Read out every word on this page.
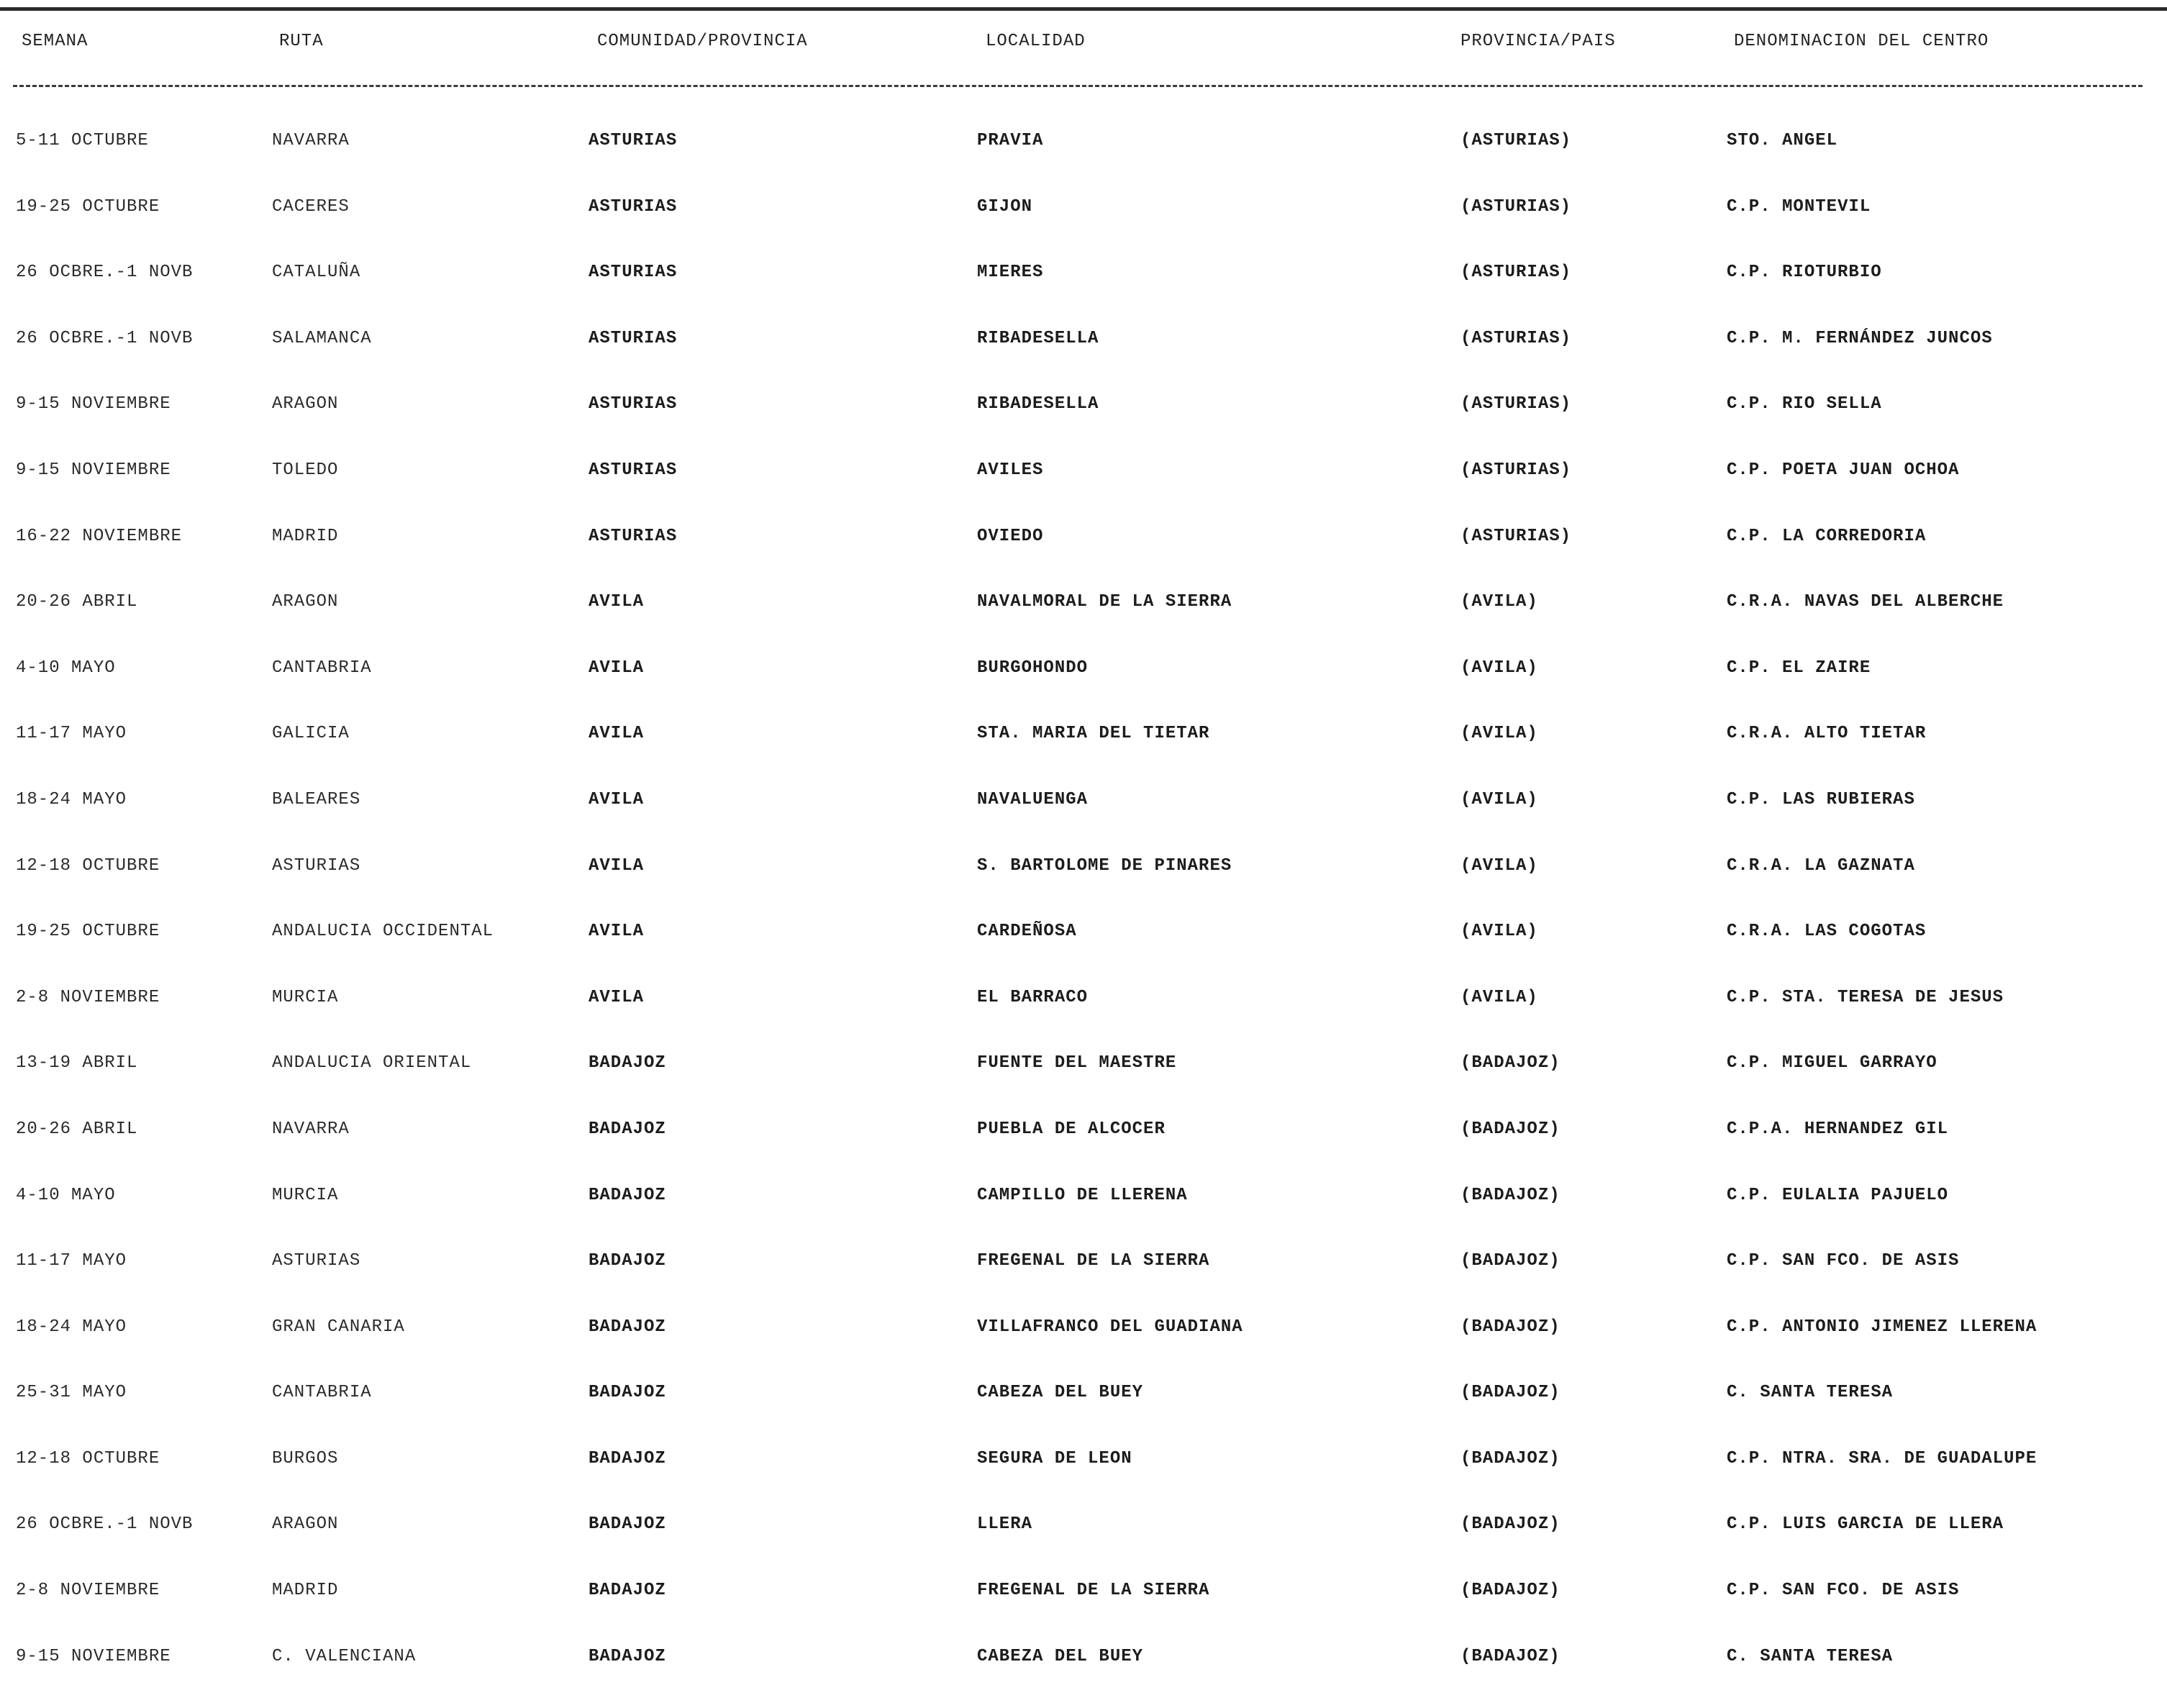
SEMANA	RUTA	COMUNIDAD/PROVINCIA	LOCALIDAD	PROVINCIA/PAIS	DENOMINACION DEL CENTRO
5-11 OCTUBRE	NAVARRA	ASTURIAS	PRAVIA	(ASTURIAS)	STO. ANGEL
19-25 OCTUBRE	CACERES	ASTURIAS	GIJON	(ASTURIAS)	C.P. MONTEVIL
26 OCBRE.-1 NOVB	CATALUÑA	ASTURIAS	MIERES	(ASTURIAS)	C.P. RIOTURBIO
26 OCBRE.-1 NOVB	SALAMANCA	ASTURIAS	RIBADESELLA	(ASTURIAS)	C.P. M. FERNÁNDEZ JUNCOS
9-15 NOVIEMBRE	ARAGON	ASTURIAS	RIBADESELLA	(ASTURIAS)	C.P. RIO SELLA
9-15 NOVIEMBRE	TOLEDO	ASTURIAS	AVILES	(ASTURIAS)	C.P. POETA JUAN OCHOA
16-22 NOVIEMBRE	MADRID	ASTURIAS	OVIEDO	(ASTURIAS)	C.P. LA CORREDORIA
20-26 ABRIL	ARAGON	AVILA	NAVALMORAL DE LA SIERRA	(AVILA)	C.R.A. NAVAS DEL ALBERCHE
4-10 MAYO	CANTABRIA	AVILA	BURGOHONDO	(AVILA)	C.P. EL ZAIRE
11-17 MAYO	GALICIA	AVILA	STA. MARIA DEL TIETAR	(AVILA)	C.R.A. ALTO TIETAR
18-24 MAYO	BALEARES	AVILA	NAVALUENGA	(AVILA)	C.P. LAS RUBIERAS
12-18 OCTUBRE	ASTURIAS	AVILA	S. BARTOLOME DE PINARES	(AVILA)	C.R.A. LA GAZNATA
19-25 OCTUBRE	ANDALUCIA OCCIDENTAL	AVILA	CARDEÑOSA	(AVILA)	C.R.A. LAS COGOTAS
2-8 NOVIEMBRE	MURCIA	AVILA	EL BARRACO	(AVILA)	C.P. STA. TERESA DE JESUS
13-19 ABRIL	ANDALUCIA ORIENTAL	BADAJOZ	FUENTE DEL MAESTRE	(BADAJOZ)	C.P. MIGUEL GARRAYO
20-26 ABRIL	NAVARRA	BADAJOZ	PUEBLA DE ALCOCER	(BADAJOZ)	C.P.A. HERNANDEZ GIL
4-10 MAYO	MURCIA	BADAJOZ	CAMPILLO DE LLERENA	(BADAJOZ)	C.P. EULALIA PAJUELO
11-17 MAYO	ASTURIAS	BADAJOZ	FREGENAL DE LA SIERRA	(BADAJOZ)	C.P. SAN FCO. DE ASIS
18-24 MAYO	GRAN CANARIA	BADAJOZ	VILLAFRANCO DEL GUADIANA	(BADAJOZ)	C.P. ANTONIO JIMENEZ LLERENA
25-31 MAYO	CANTABRIA	BADAJOZ	CABEZA DEL BUEY	(BADAJOZ)	C. SANTA TERESA
12-18 OCTUBRE	BURGOS	BADAJOZ	SEGURA DE LEON	(BADAJOZ)	C.P. NTRA. SRA. DE GUADALUPE
26 OCBRE.-1 NOVB	ARAGON	BADAJOZ	LLERA	(BADAJOZ)	C.P. LUIS GARCIA DE LLERA
2-8 NOVIEMBRE	MADRID	BADAJOZ	FREGENAL DE LA SIERRA	(BADAJOZ)	C.P. SAN FCO. DE ASIS
9-15 NOVIEMBRE	C. VALENCIANA	BADAJOZ	CABEZA DEL BUEY	(BADAJOZ)	C. SANTA TERESA
